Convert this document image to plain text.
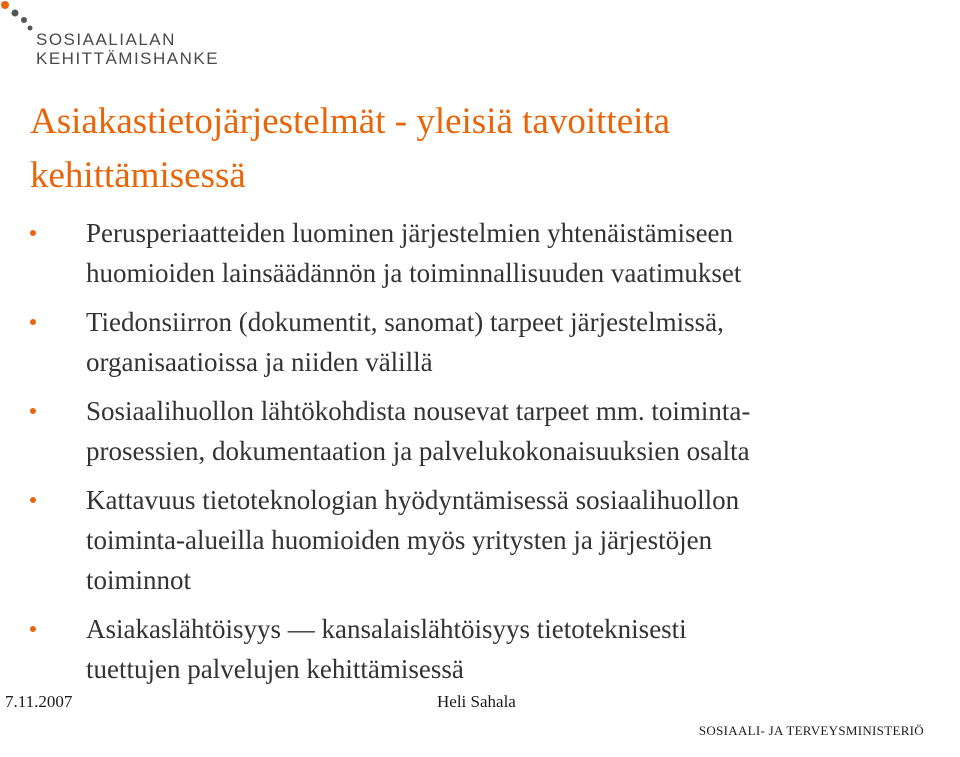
SOSIAALIALAN
KEHITTÄMISHANKE
Asiakastietojärjestelmät - yleisiä tavoitteita
kehittämisessä
Perusperiaatteiden luominen järjestelmien yhtenäistämiseen
huomioiden lainsäädännön ja toiminnallisuuden vaatimukset
Tiedonsiirron (dokumentit, sanomat) tarpeet järjestelmissä,
organisaatioissa ja niiden välillä
Sosiaalihuollon lähtökohdista nousevat tarpeet mm. toiminta-
prosessien, dokumentaation ja palvelukokonaisuuksien osalta
Kattavuus tietoteknologian hyödyntämisessä sosiaalihuollon
toiminta-alueilla huomioiden myös yritysten ja järjestöjen
toiminnot
Asiakaslähtöisyys — kansalaislähtöisyys tietoteknisesti
tuettujen palvelujen kehittämisessä
7.11.2007	Heli Sahala
SOSIAALI- JA TERVEYSMINISTERIÖ
